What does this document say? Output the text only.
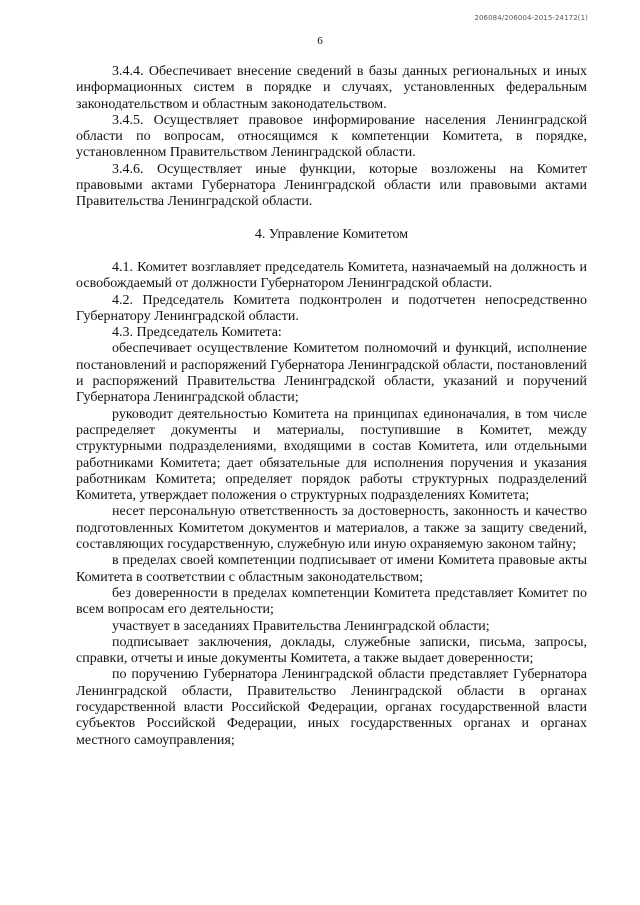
206084/206004-2015-24172(1)
6

3.4.4. Обеспечивает внесение сведений в базы данных региональных и иных информационных систем в порядке и случаях, установленных федеральным законодательством и областным законодательством.

3.4.5. Осуществляет правовое информирование населения Ленинградской области по вопросам, относящимся к компетенции Комитета, в порядке, установленном Правительством Ленинградской области.

3.4.6. Осуществляет иные функции, которые возложены на Комитет правовыми актами Губернатора Ленинградской области или правовыми актами Правительства Ленинградской области.

4. Управление Комитетом

4.1. Комитет возглавляет председатель Комитета, назначаемый на должность и освобождаемый от должности Губернатором Ленинградской области.

4.2. Председатель Комитета подконтролен и подотчетен непосредственно Губернатору Ленинградской области.

4.3. Председатель Комитета:

обеспечивает осуществление Комитетом полномочий и функций, исполнение постановлений и распоряжений Губернатора Ленинградской области, постановлений и распоряжений Правительства Ленинградской области, указаний и поручений Губернатора Ленинградской области;

руководит деятельностью Комитета на принципах единоначалия, в том числе распределяет документы и материалы, поступившие в Комитет, между структурными подразделениями, входящими в состав Комитета, или отдельными работниками Комитета; дает обязательные для исполнения поручения и указания работникам Комитета; определяет порядок работы структурных подразделений Комитета, утверждает положения о структурных подразделениях Комитета;

несет персональную ответственность за достоверность, законность и качество подготовленных Комитетом документов и материалов, а также за защиту сведений, составляющих государственную, служебную или иную охраняемую законом тайну;

в пределах своей компетенции подписывает от имени Комитета правовые акты Комитета в соответствии с областным законодательством;

без доверенности в пределах компетенции Комитета представляет Комитет по всем вопросам его деятельности;

участвует в заседаниях Правительства Ленинградской области;

подписывает заключения, доклады, служебные записки, письма, запросы, справки, отчеты и иные документы Комитета, а также выдает доверенности;

по поручению Губернатора Ленинградской области представляет Губернатора Ленинградской области, Правительство Ленинградской области в органах государственной власти Российской Федерации, органах государственной власти субъектов Российской Федерации, иных государственных органах и органах местного самоуправления;
